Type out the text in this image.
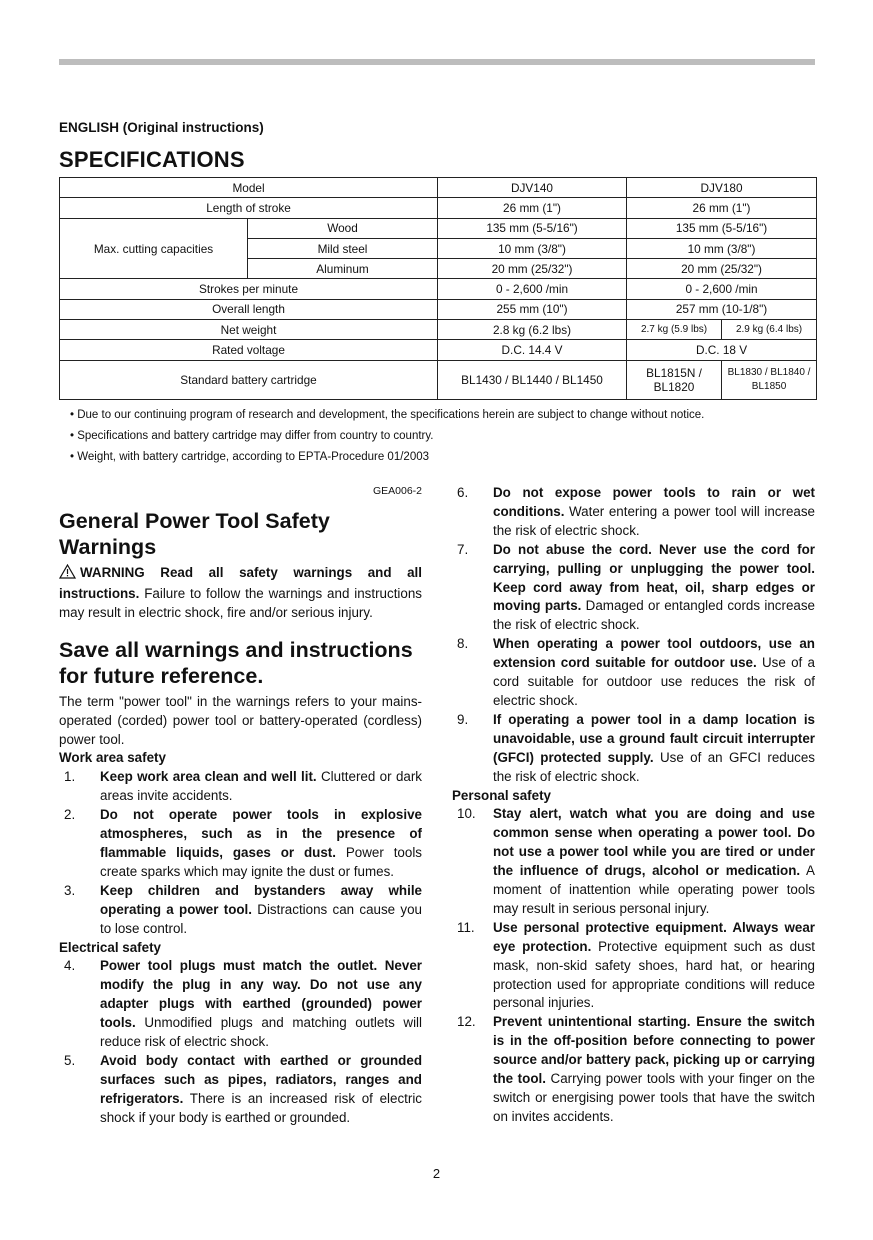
ENGLISH (Original instructions)
SPECIFICATIONS
Model		DJV140	DJV180	
Length of stroke		26 mm (1")	26 mm (1")	
Max. cutting capacities	Wood	135 mm (5-5/16")	135 mm (5-5/16")	
	Mild steel	10 mm (3/8")	10 mm (3/8")	
	Aluminum	20 mm (25/32")	20 mm (25/32")	
Strokes per minute		0 - 2,600 /min	0 - 2,600 /min	
Overall length		255 mm (10")	257 mm (10-1/8")	
Net weight		2.8 kg (6.2 lbs)	2.7 kg (5.9 lbs)	2.9 kg (6.4 lbs)
Rated voltage		D.C. 14.4 V	D.C. 18 V	
Standard battery cartridge		BL1430 / BL1440 / BL1450	BL1815N / BL1820	BL1830 / BL1840 / BL1850
• Due to our continuing program of research and development, the specifications herein are subject to change without notice.
• Specifications and battery cartridge may differ from country to country.
• Weight, with battery cartridge, according to EPTA-Procedure 01/2003
GEA006-2
General Power Tool Safety Warnings
WARNING Read all safety warnings and all instructions. Failure to follow the warnings and instructions may result in electric shock, fire and/or serious injury.
Save all warnings and instructions for future reference.
The term "power tool" in the warnings refers to your mains-operated (corded) power tool or battery-operated (cordless) power tool.
Work area safety
1.	Keep work area clean and well lit. Cluttered or dark areas invite accidents.
2.	Do not operate power tools in explosive atmospheres, such as in the presence of flammable liquids, gases or dust. Power tools create sparks which may ignite the dust or fumes.
3.	Keep children and bystanders away while operating a power tool. Distractions can cause you to lose control.
Electrical safety
4.	Power tool plugs must match the outlet. Never modify the plug in any way. Do not use any adapter plugs with earthed (grounded) power tools. Unmodified plugs and matching outlets will reduce risk of electric shock.
5.	Avoid body contact with earthed or grounded surfaces such as pipes, radiators, ranges and refrigerators. There is an increased risk of electric shock if your body is earthed or grounded.
6.	Do not expose power tools to rain or wet conditions. Water entering a power tool will increase the risk of electric shock.
7.	Do not abuse the cord. Never use the cord for carrying, pulling or unplugging the power tool. Keep cord away from heat, oil, sharp edges or moving parts. Damaged or entangled cords increase the risk of electric shock.
8.	When operating a power tool outdoors, use an extension cord suitable for outdoor use. Use of a cord suitable for outdoor use reduces the risk of electric shock.
9.	If operating a power tool in a damp location is unavoidable, use a ground fault circuit interrupter (GFCI) protected supply. Use of an GFCI reduces the risk of electric shock.
Personal safety
10.	Stay alert, watch what you are doing and use common sense when operating a power tool. Do not use a power tool while you are tired or under the influence of drugs, alcohol or medication. A moment of inattention while operating power tools may result in serious personal injury.
11.	Use personal protective equipment. Always wear eye protection. Protective equipment such as dust mask, non-skid safety shoes, hard hat, or hearing protection used for appropriate conditions will reduce personal injuries.
12.	Prevent unintentional starting. Ensure the switch is in the off-position before connecting to power source and/or battery pack, picking up or carrying the tool. Carrying power tools with your finger on the switch or energising power tools that have the switch on invites accidents.
2
